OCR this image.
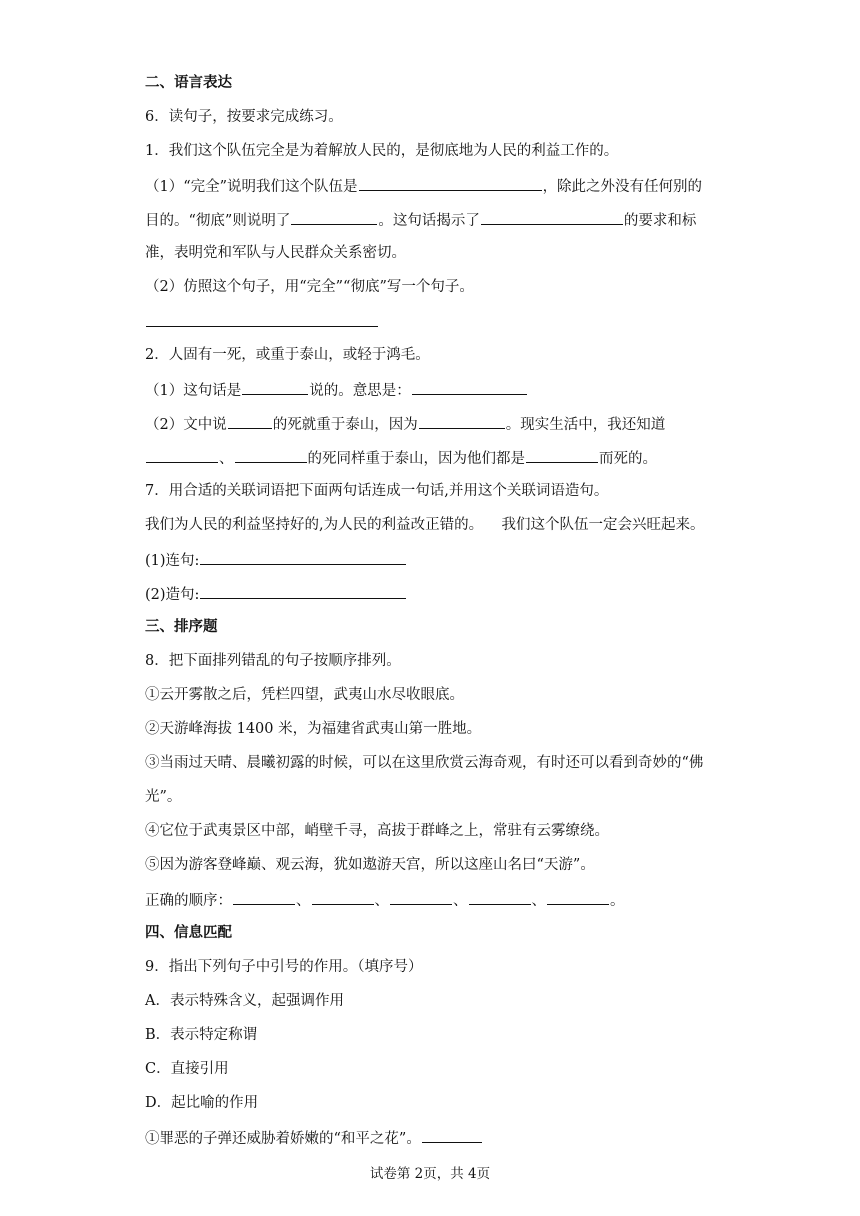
二、语言表达
6．读句子，按要求完成练习。
1．我们这个队伍完全是为着解放人民的，是彻底地为人民的利益工作的。
（1）“完全”说明我们这个队伍是	，除此之外没有任何别的
目的。“彻底”则说明了	。这句话揭示了	的要求和标
准，表明党和军队与人民群众关系密切。
（2）仿照这个句子，用“完全”“彻底”写一个句子。
2．人固有一死，或重于泰山，或轻于鸿毛。
（1）这句话是	说的。意思是：
（2）文中说	的死就重于泰山，因为	。现实生活中，我还知道
、	的死同样重于泰山，因为他们都是	而死的。
7．用合适的关联词语把下面两句话连成一句话,并用这个关联词语造句。
我们为人民的利益坚持好的,为人民的利益改正错的。    我们这个队伍一定会兴旺起来。
(1)连句:
(2)造句:
三、排序题
8．把下面排列错乱的句子按顺序排列。
①云开雾散之后，凭栏四望，武夷山水尽收眼底。
②天游峰海拔 1400 米，为福建省武夷山第一胜地。
③当雨过天晴、晨曦初露的时候，可以在这里欣赏云海奇观，有时还可以看到奇妙的“佛
光”。
④它位于武夷景区中部，峭壁千寻，高拔于群峰之上，常驻有云雾缭绕。
⑤因为游客登峰巅、观云海，犹如遨游天宫，所以这座山名曰“天游”。
正确的顺序：	、	、	、	、	。
四、信息匹配
9．指出下列句子中引号的作用。（填序号）
A．表示特殊含义，起强调作用
B．表示特定称谓
C．直接引用
D．起比喻的作用
①罪恶的子弹还威胁着娇嫩的“和平之花”。
试卷第 2页，共 4页
